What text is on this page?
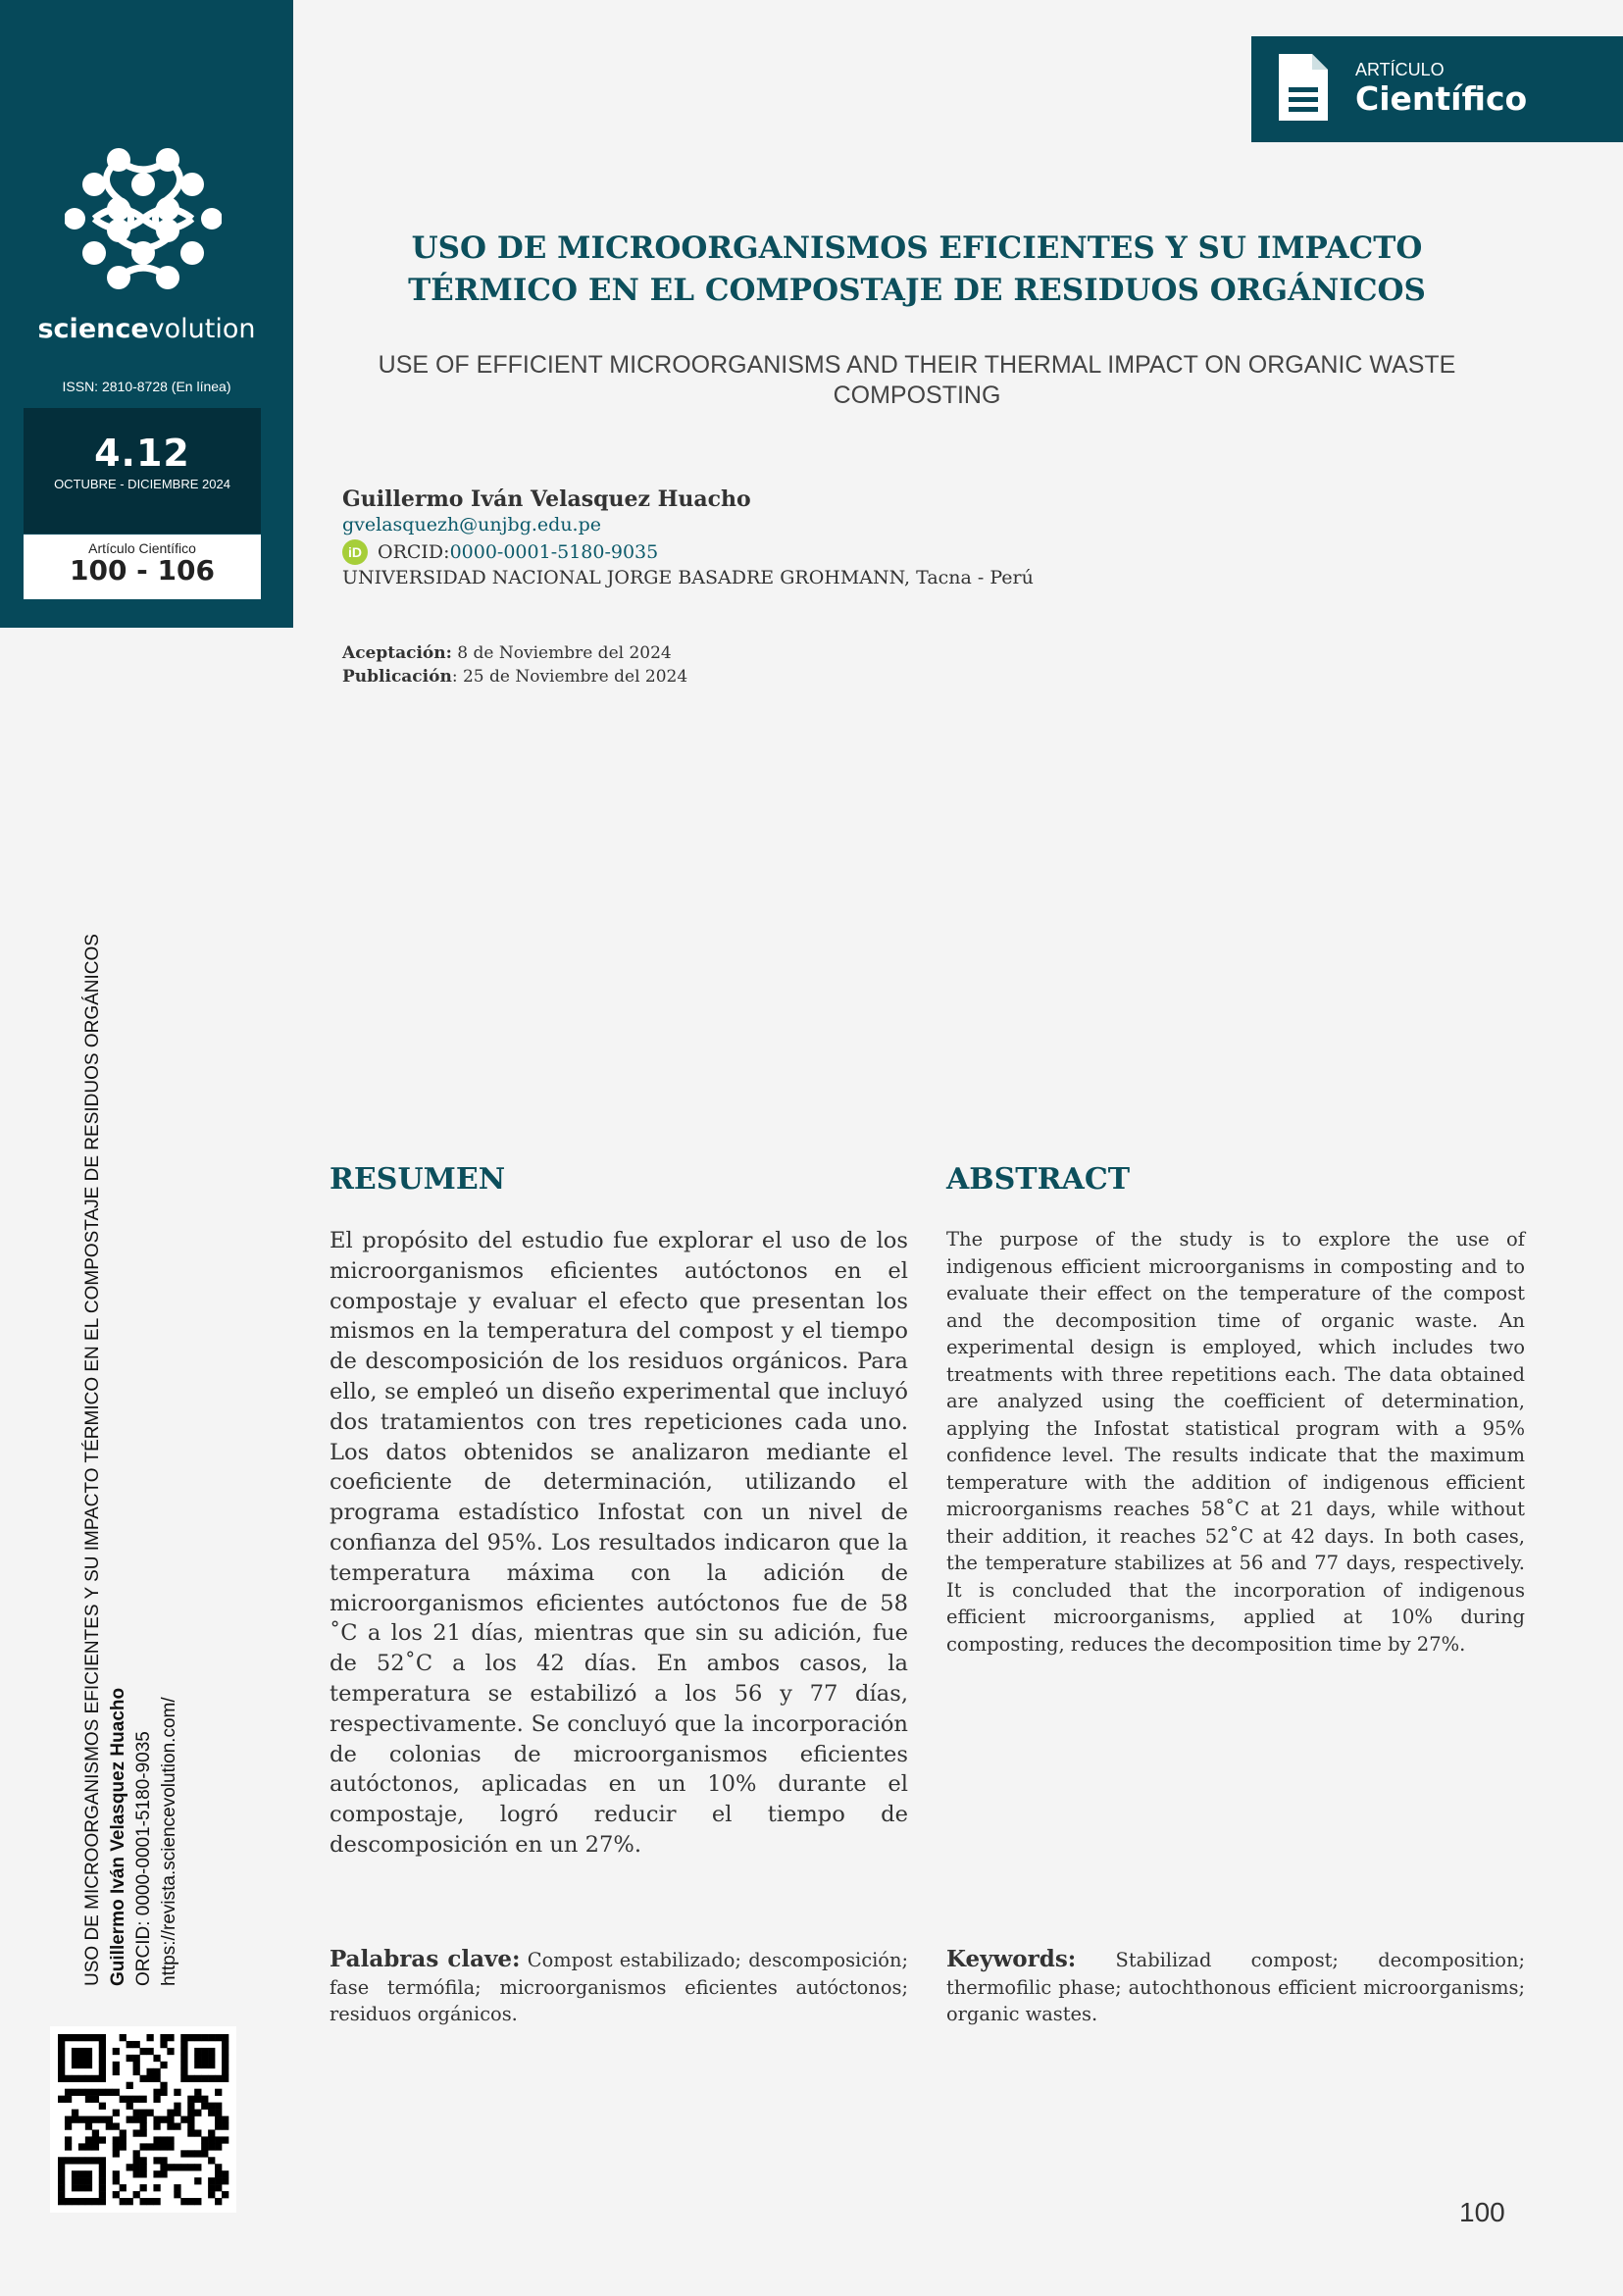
sciencevolution
ISSN: 2810-8728 (En línea)
4.12
OCTUBRE - DICIEMBRE 2024
Artículo Científico
100 - 106
ARTÍCULO
Científico
USO DE MICROORGANISMOS EFICIENTES Y SU IMPACTO TÉRMICO EN EL COMPOSTAJE DE RESIDUOS ORGÁNICOS
USE OF EFFICIENT MICROORGANISMS AND THEIR THERMAL IMPACT ON ORGANIC WASTE COMPOSTING
Guillermo Iván Velasquez Huacho
gvelasquezh@unjbg.edu.pe
iD ORCID: 0000-0001-5180-9035
UNIVERSIDAD NACIONAL JORGE BASADRE GROHMANN, Tacna - Perú
Aceptación: 8 de Noviembre del 2024
Publicación: 25 de Noviembre del 2024
USO DE MICROORGANISMOS EFICIENTES Y SU IMPACTO TÉRMICO EN EL COMPOSTAJE DE RESIDUOS ORGÁNICOS Guillermo Iván Velasquez Huacho ORCID: 0000-0001-5180-9035 https://revista.sciencevolution.com/
RESUMEN
El propósito del estudio fue explorar el uso de los microorganismos eficientes autóctonos en el compostaje y evaluar el efecto que presentan los mismos en la temperatura del compost y el tiempo de descomposición de los residuos orgánicos. Para ello, se empleó un diseño experimental que incluyó dos tratamientos con tres repeticiones cada uno. Los datos obtenidos se analizaron mediante el coeficiente de determinación, utilizando el programa estadístico Infostat con un nivel de confianza del 95%. Los resultados indicaron que la temperatura máxima con la adición de microorganismos eficientes autóctonos fue de 58 ˚C a los 21 días, mientras que sin su adición, fue de 52˚C a los 42 días. En ambos casos, la temperatura se estabilizó a los 56 y 77 días, respectivamente. Se concluyó que la incorporación de colonias de microorganismos eficientes autóctonos, aplicadas en un 10% durante el compostaje, logró reducir el tiempo de descomposición en un 27%.
Palabras clave: Compost estabilizado; descomposición; fase termófila; microorganismos eficientes autóctonos; residuos orgánicos.
ABSTRACT
The purpose of the study is to explore the use of indigenous efficient microorganisms in composting and to evaluate their effect on the temperature of the compost and the decomposition time of organic waste. An experimental design is employed, which includes two treatments with three repetitions each. The data obtained are analyzed using the coefficient of determination, applying the Infostat statistical program with a 95% confidence level. The results indicate that the maximum temperature with the addition of indigenous efficient microorganisms reaches 58˚C at 21 days, while without their addition, it reaches 52˚C at 42 days. In both cases, the temperature stabilizes at 56 and 77 days, respectively. It is concluded that the incorporation of indigenous efficient microorganisms, applied at 10% during composting, reduces the decomposition time by 27%.
Keywords: Stabilizad compost; decomposition; thermofilic phase; autochthonous efficient microorganisms; organic wastes.
100
